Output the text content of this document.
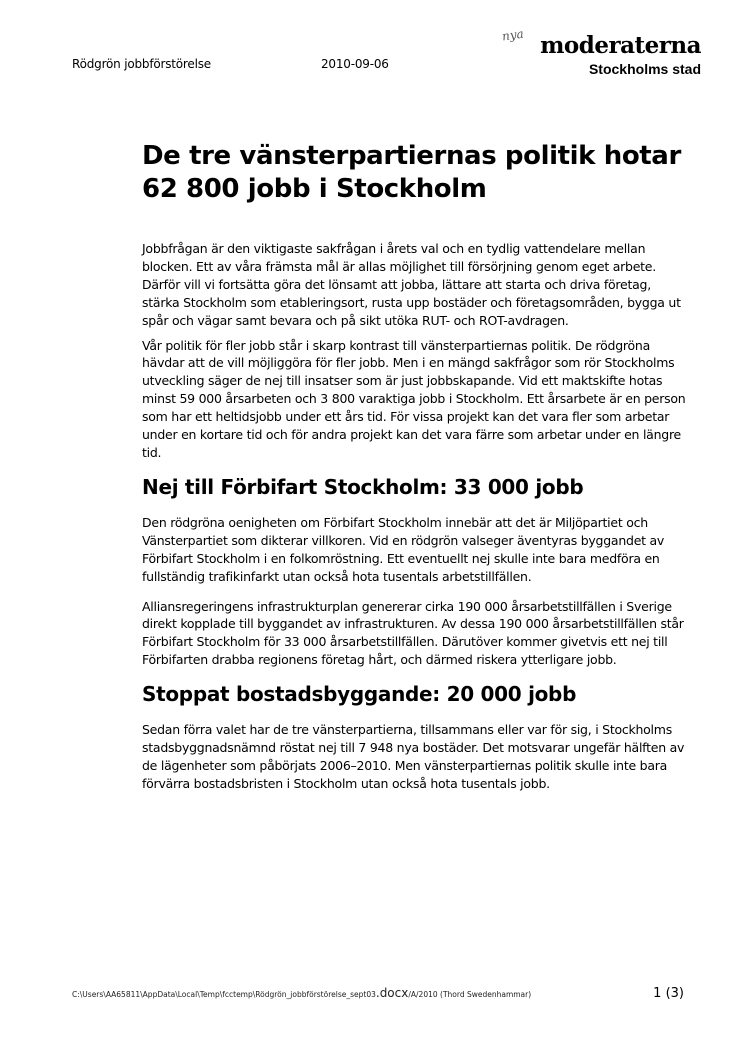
Rödgrön jobbförstörelse	2010-09-06
nya moderaterna
Stockholms stad
De tre vänsterpartiernas politik hotar 62 800 jobb i Stockholm

Jobbfrågan är den viktigaste sakfrågan i årets val och en tydlig vattendelare mellan blocken. Ett av våra främsta mål är allas möjlighet till försörjning genom eget arbete. Därför vill vi fortsätta göra det lönsamt att jobba, lättare att starta och driva företag, stärka Stockholm som etableringsort, rusta upp bostäder och företagsområden, bygga ut spår och vägar samt bevara och på sikt utöka RUT- och ROT-avdragen.

Vår politik för fler jobb står i skarp kontrast till vänsterpartiernas politik. De rödgröna hävdar att de vill möjliggöra för fler jobb. Men i en mängd sakfrågor som rör Stockholms utveckling säger de nej till insatser som är just jobbskapande. Vid ett maktskifte hotas minst 59 000 årsarbeten och 3 800 varaktiga jobb i Stockholm. Ett årsarbete är en person som har ett heltidsjobb under ett års tid. För vissa projekt kan det vara fler som arbetar under en kortare tid och för andra projekt kan det vara färre som arbetar under en längre tid.

Nej till Förbifart Stockholm: 33 000 jobb

Den rödgröna oenigheten om Förbifart Stockholm innebär att det är Miljöpartiet och Vänsterpartiet som dikterar villkoren. Vid en rödgrön valseger äventyras byggandet av Förbifart Stockholm i en folkomröstning. Ett eventuellt nej skulle inte bara medföra en fullständig trafikinfarkt utan också hota tusentals arbetstillfällen.

Alliansregeringens infrastrukturplan genererar cirka 190 000 årsarbetstillfällen i Sverige direkt kopplade till byggandet av infrastrukturen. Av dessa 190 000 årsarbetstillfällen står Förbifart Stockholm för 33 000 årsarbetstillfällen. Därutöver kommer givetvis ett nej till Förbifarten drabba regionens företag hårt, och därmed riskera ytterligare jobb.

Stoppat bostadsbyggande: 20 000 jobb

Sedan förra valet har de tre vänsterpartierna, tillsammans eller var för sig, i Stockholms stadsbyggnadsnämnd röstat nej till 7 948 nya bostäder. Det motsvarar ungefär hälften av de lägenheter som påbörjats 2006–2010. Men vänsterpartiernas politik skulle inte bara förvärra bostadsbristen i Stockholm utan också hota tusentals jobb.

C:\Users\AA65811\AppData\Local\Temp\fcctemp\Rödgrön_jobbförstörelse_sept03.docx/A/2010 (Thord Swedenhammar)	1 (3)
